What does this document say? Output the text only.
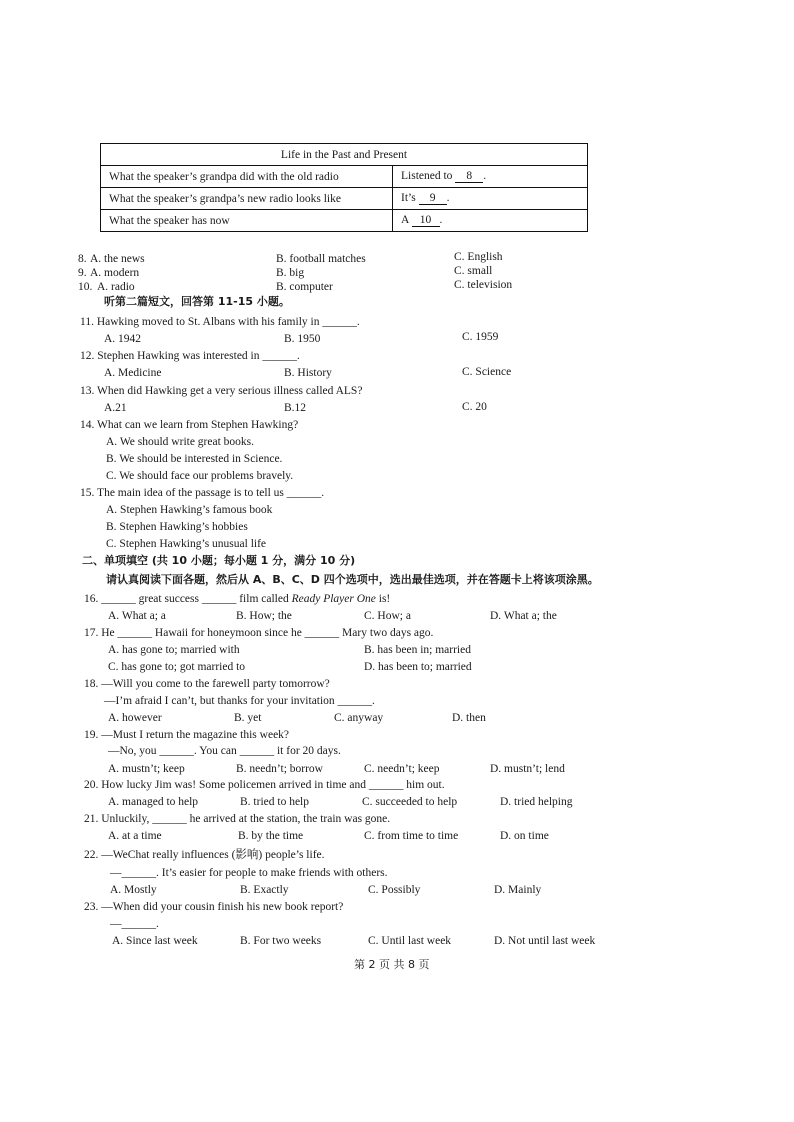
Life in the Past and Present	
What the speaker’s grandpa did with the old radio	Listened to 8 .
What the speaker’s grandpa’s new radio looks like	It’s 9 .
What the speaker has now	A 10 .
8. A. the news	B. football matches	C. English
9. A. modern	B. big	C. small
10. A. radio	B. computer	C. television
听第二篇短文，回答第 11-15 小题。
11. Hawking moved to St. Albans with his family in ______.
A. 1942	B. 1950	C. 1959
12. Stephen Hawking was interested in ______.
A. Medicine	B. History	C. Science
13. When did Hawking get a very serious illness called ALS?
A.21	B.12	C. 20
14. What can we learn from Stephen Hawking?
A. We should write great books.
B. We should be interested in Science.
C. We should face our problems bravely.
15. The main idea of the passage is to tell us ______.
A. Stephen Hawking’s famous book
B. Stephen Hawking’s hobbies
C. Stephen Hawking’s unusual life
二、单项填空 (共 10 小题；每小题 1 分，满分 10 分)
请认真阅读下面各题，然后从 A、B、C、D 四个选项中，选出最佳选项，并在答题卡上将该项涂黑。
16. ______ great success ______ film called Ready Player One is!
A. What a; a	B. How; the	C. How; a	D. What a; the
17. He ______ Hawaii for honeymoon since he ______ Mary two days ago.
A. has gone to; married with	B. has been in; married
C. has gone to; got married to	D. has been to; married
18. —Will you come to the farewell party tomorrow?
—I’m afraid I can’t, but thanks for your invitation ______.
A. however	B. yet	C. anyway	D. then
19. —Must I return the magazine this week?
—No, you ______. You can ______ it for 20 days.
A. mustn’t; keep	B. needn’t; borrow	C. needn’t; keep	D. mustn’t; lend
20. How lucky Jim was! Some policemen arrived in time and ______ him out.
A. managed to help	B. tried to help	C. succeeded to help	D. tried helping
21. Unluckily, ______ he arrived at the station, the train was gone.
A. at a time	B. by the time	C. from time to time	D. on time
22. —WeChat really influences (影响) people’s life.
—______. It’s easier for people to make friends with others.
A. Mostly	B. Exactly	C. Possibly	D. Mainly
23. —When did your cousin finish his new book report?
—______.
A. Since last week	B. For two weeks	C. Until last week	D. Not until last week
第 2 页 共 8 页
